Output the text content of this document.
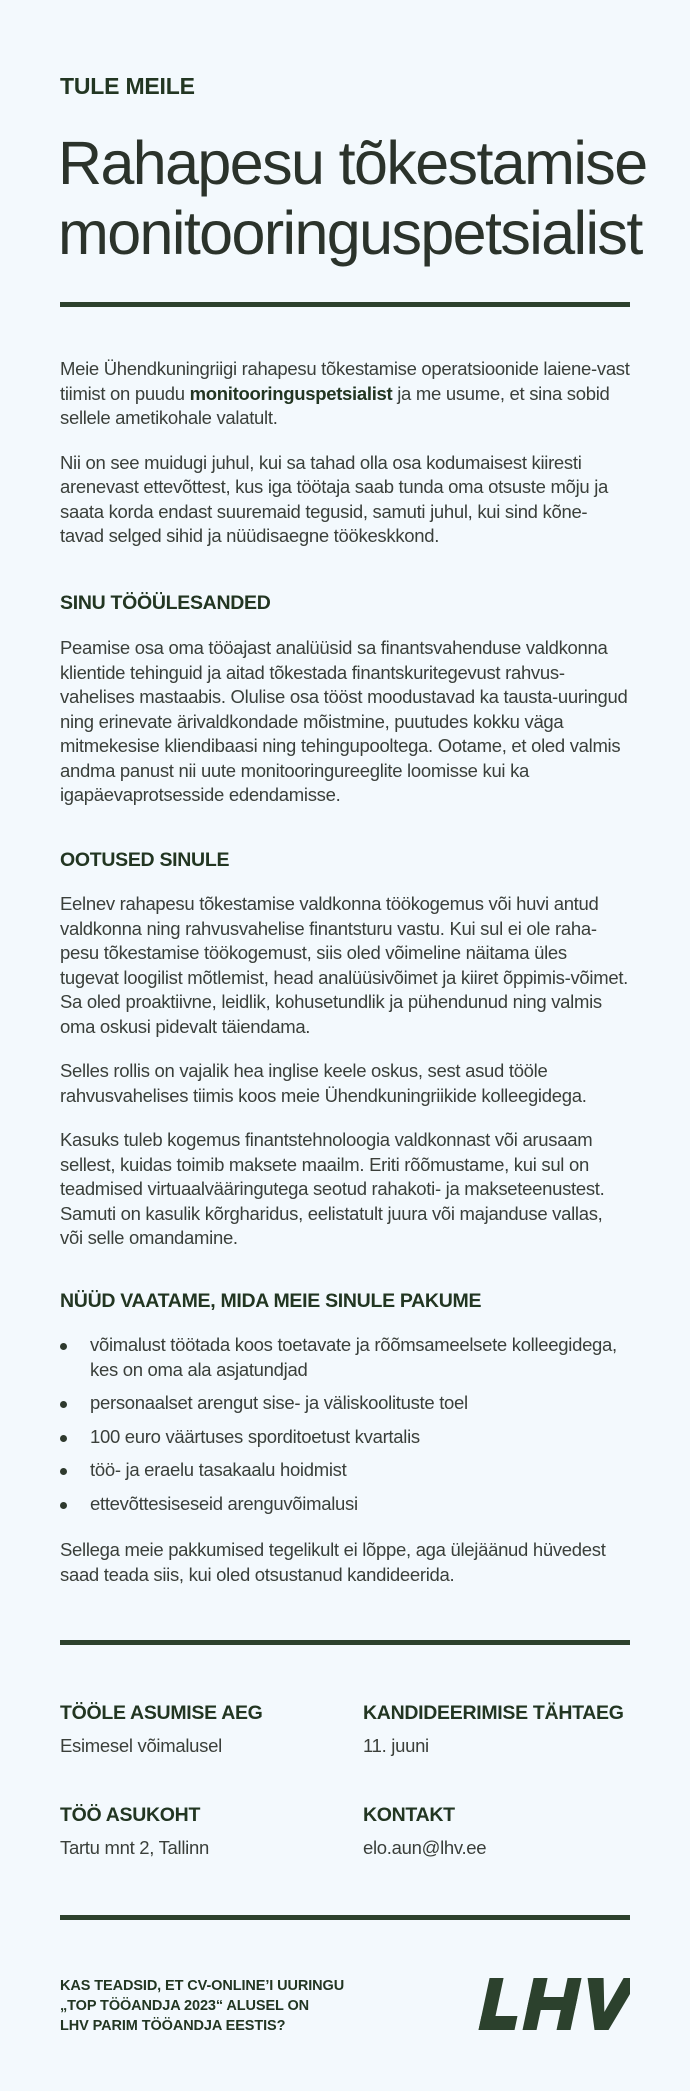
TULE MEILE
Rahapesu tõkestamise
monitooringuspetsialist

Meie Ühendkuningriigi rahapesu tõkestamise operatsioonide laiene-vast tiimist on puudu monitooringuspetsialist ja me usume, et sina sobid sellele ametikohale valatult.

Nii on see muidugi juhul, kui sa tahad olla osa kodumaisest kiiresti arenevast ettevõttest, kus iga töötaja saab tunda oma otsuste mõju ja saata korda endast suuremaid tegusid, samuti juhul, kui sind kõne-tavad selged sihid ja nüüdisaegne töökeskkond.

SINU TÖÖÜLESANDED

Peamise osa oma tööajast analüüsid sa finantsvahenduse valdkonna klientide tehinguid ja aitad tõkestada finantskuritegevust rahvus-vahelises mastaabis. Olulise osa tööst moodustavad ka tausta-uuringud ning erinevate ärivaldkondade mõistmine, puutudes kokku väga mitmekesise kliendibaasi ning tehingupooltega. Ootame, et oled valmis andma panust nii uute monitooringureeglite loomisse kui ka igapäevaprotsesside edendamisse.

OOTUSED SINULE

Eelnev rahapesu tõkestamise valdkonna töökogemus või huvi antud valdkonna ning rahvusvahelise finantsturu vastu. Kui sul ei ole raha-pesu tõkestamise töökogemust, siis oled võimeline näitama üles tugevat loogilist mõtlemist, head analüüsivõimet ja kiiret õppimis-võimet. Sa oled proaktiivne, leidlik, kohusetundlik ja pühendunud ning valmis oma oskusi pidevalt täiendama.

Selles rollis on vajalik hea inglise keele oskus, sest asud tööle rahvusvahelises tiimis koos meie Ühendkuningriikide kolleegidega.

Kasuks tuleb kogemus finantstehnoloogia valdkonnast või arusaam sellest, kuidas toimib maksete maailm. Eriti rõõmustame, kui sul on teadmised virtuaalvääringutega seotud rahakoti- ja makseteenustest. Samuti on kasulik kõrgharidus, eelistatult juura või majanduse vallas, või selle omandamine.

NÜÜD VAATAME, MIDA MEIE SINULE PAKUME
võimalust töötada koos toetavate ja rõõmsameelsete kolleegidega, kes on oma ala asjatundjad
personaalset arengut sise- ja väliskoolituste toel
100 euro väärtuses sporditoetust kvartalis
töö- ja eraelu tasakaalu hoidmist
ettevõttesiseseid arenguvõimalusi

Sellega meie pakkumised tegelikult ei lõppe, aga ülejäänud hüvedest saad teada siis, kui oled otsustanud kandideerida.

TÖÖLE ASUMISE AEG
Esimesel võimalusel
KANDIDEERIMISE TÄHTAEG
11. juuni
TÖÖ ASUKOHT
Tartu mnt 2, Tallinn
KONTAKT
elo.aun@lhv.ee
KAS TEADSID, ET CV-ONLINE’I UURINGU
„TOP TÖÖANDJA 2023“ ALUSEL ON
LHV PARIM TÖÖANDJA EESTIS?
